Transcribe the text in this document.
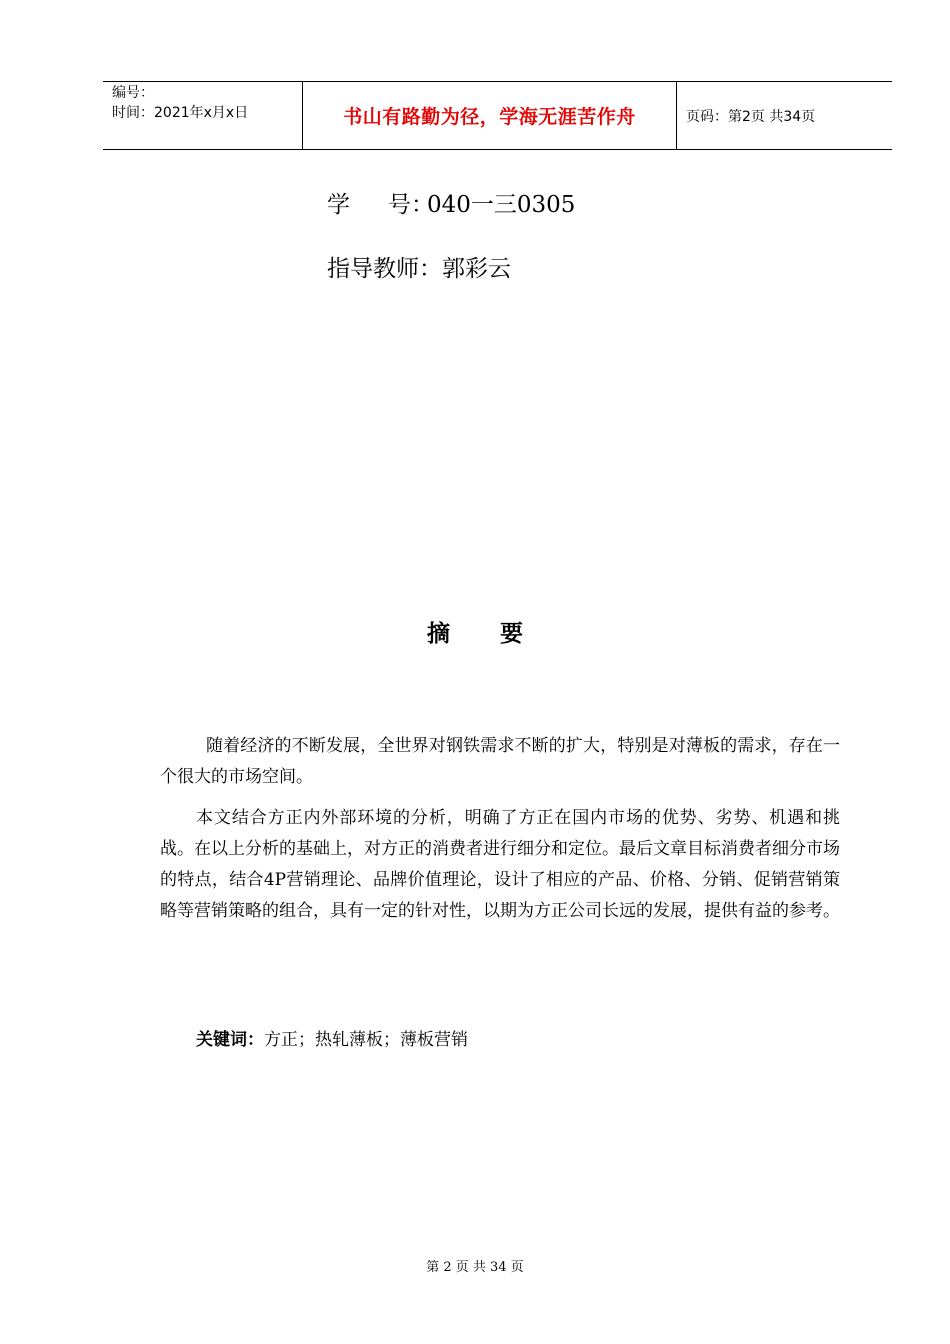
编号：
时间：2021年x月x日	书山有路勤为径，学海无涯苦作舟	页码：第2页 共34页
学 号：040一三0305
指导教师：郭彩云
摘 要
随着经济的不断发展，全世界对钢铁需求不断的扩大，特别是对薄板的需求，存在一个很大的市场空间。
本文结合方正内外部环境的分析，明确了方正在国内市场的优势、劣势、机遇和挑战。在以上分析的基础上，对方正的消费者进行细分和定位。最后文章目标消费者细分市场的特点，结合4P营销理论、品牌价值理论，设计了相应的产品、价格、分销、促销营销策略等营销策略的组合，具有一定的针对性，以期为方正公司长远的发展，提供有益的参考。
关键词：方正；热轧薄板；薄板营销
第 2 页 共 34 页
